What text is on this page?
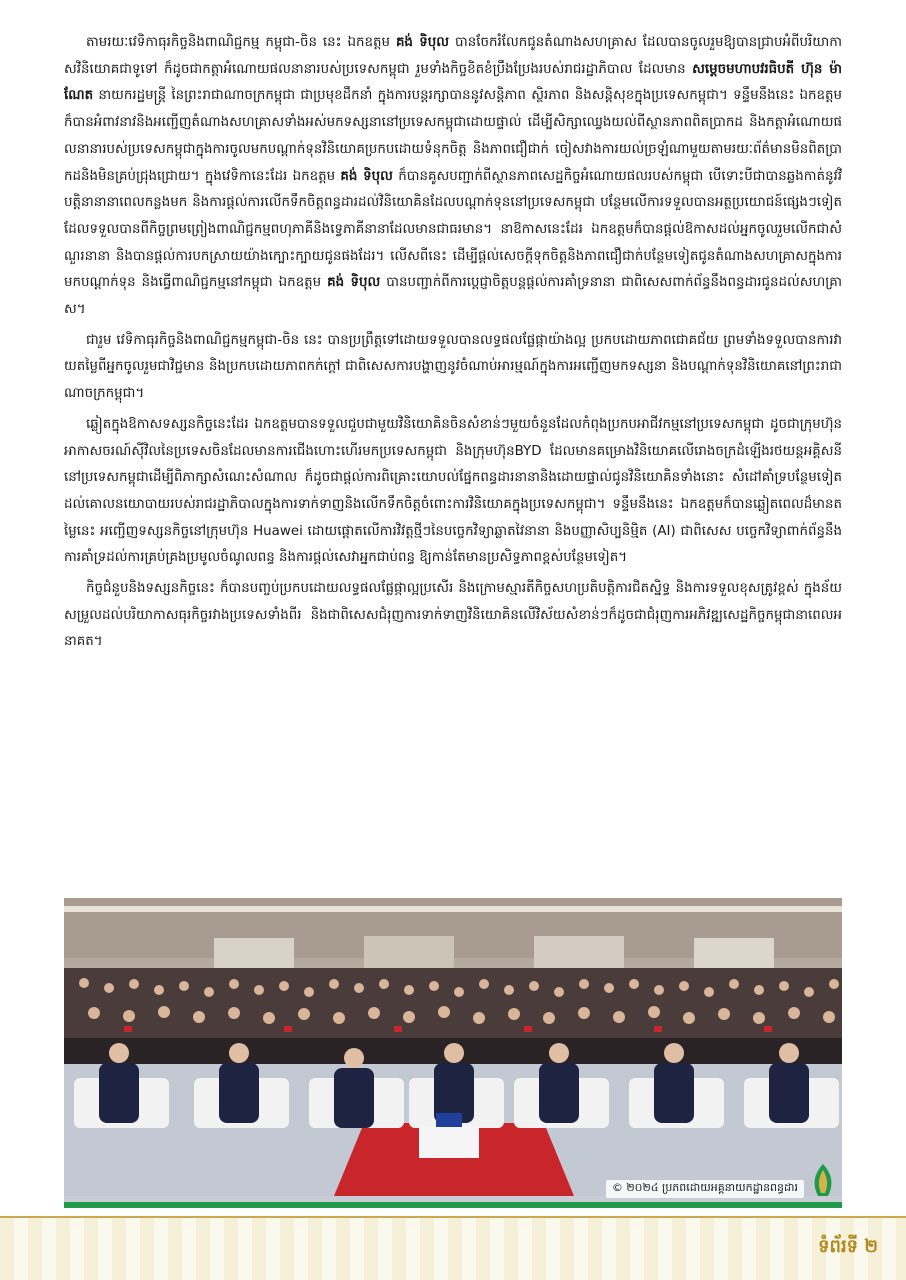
តាមរយៈវេទិកាធុរកិច្ចនិងពាណិជ្ជកម្ម កម្ពុជា-ចិន នេះ ឯកឧត្តម គង់ ទិបុល បានចែករំលែកជូនតំណាងសហគ្រាស ដែលបានចូលរួមឱ្យបានជ្រាបអំពីបរិយាកាសវិនិយោគជាទូទៅ ក៏ដូចជាកត្តាអំណោយផលនានារបស់ប្រទេសកម្ពុជា រួមទាំងកិច្ចខិតខំប្រឹងប្រែងរបស់រាជរដ្ឋាភិបាល ដែលមាន សម្តេចមហាបវរធិបតី ហ៊ុន ម៉ាណែត នាយករដ្ឋមន្ត្រី នៃព្រះរាជាណាចក្រកម្ពុជា ជាប្រមុខដឹកនាំ ក្នុងការបន្តរក្សាបាននូវសន្តិភាព ស្ថិរភាព និងសន្តិសុខក្នុងប្រទេសកម្ពុជា។ ទន្ទឹមនឹងនេះ ឯកឧត្តមក៏បានអំពាវនាវនិងអញ្ជើញតំណាងសហគ្រាសទាំងអស់មកទស្សនានៅប្រទេសកម្ពុជាដោយផ្ទាល់ ដើម្បីសិក្សាឈ្វេងយល់ពីស្ថានភាពពិតប្រាកដ និងកត្តាអំណោយផលនានារបស់ប្រទេសកម្ពុជាក្នុងការចូលមកបណ្តាក់ទុនវិនិយោគប្រកបដោយទំនុកចិត្ត និងភាពជឿជាក់ ចៀសវាងការយល់ច្រឡំណាមួយតាមរយៈព័ត៌មានមិនពិតប្រាកដនិងមិនគ្រប់ជ្រុងជ្រោយ។ ក្នុងវេទិកានេះដែរ ឯកឧត្តម គង់ ទិបុល ក៏បានគូសបញ្ជាក់ពីស្ថានភាពសេដ្ឋកិច្ចអំណោយផលរបស់កម្ពុជា បើទោះបីជាបានឆ្លងកាត់នូវវិបត្តិនានានាពេលកន្លងមក និងការផ្តល់ការលើកទឹកចិត្តពន្ធដារដល់វិនិយោគិនដែលបណ្តាក់ទុននៅប្រទេសកម្ពុជា បន្ថែមលើការទទួលបានអត្ថប្រយោជន៍ផ្សេងៗទៀតដែលទទួលបានពីកិច្ចព្រមព្រៀងពាណិជ្ជកម្មពហុភាគីនិងទ្វេភាគីនានាដែលមានជាធរមាន។ នាឱកាសនេះដែរ ឯកឧត្តមក៏បានផ្តល់ឱកាសដល់អ្នកចូលរួមលើកជាសំណួរនានា និងបានផ្តល់ការបកស្រាយយ៉ាងក្បោះក្បាយជូនផងដែរ។ លើសពីនេះ ដើម្បីផ្តល់សេចក្តីទុកចិត្តនិងភាពជឿជាក់បន្ថែមទៀតជូនតំណាងសហគ្រាសក្នុងការមកបណ្តាក់ទុន និងធ្វើពាណិជ្ជកម្មនៅកម្ពុជា ឯកឧត្តម គង់ ទិបុល បានបញ្ជាក់ពីការប្តេជ្ញាចិត្តបន្តផ្តល់ការគាំទ្រនានា ជាពិសេសពាក់ព័ន្ធនឹងពន្ធដារជូនដល់សហគ្រាស។

ជារួម វេទិកាធុរកិច្ចនិងពាណិជ្ជកម្មកម្ពុជា-ចិន នេះ បានប្រព្រឹត្តទៅដោយទទួលបានលទ្ធផលផ្លែផ្កាយ៉ាងល្អ ប្រកបដោយភាពជោគជ័យ ព្រមទាំងទទួលបានការវាយតម្លៃពីអ្នកចូលរួមជាវិជ្ជមាន និងប្រកបដោយភាពកក់ក្តៅ ជាពិសេសការបង្ហាញនូវចំណាប់អារម្មណ៍ក្នុងការអញ្ជើញមកទស្សនា និងបណ្តាក់ទុនវិនិយោគនៅព្រះរាជាណាចក្រកម្ពុជា។

ឆ្លៀតក្នុងឱកាសទស្សនកិច្ចនេះដែរ ឯកឧត្តមបានទទួលជួបជាមួយវិនិយោគិនចិនសំខាន់ៗមួយចំនួនដែលកំពុងប្រកបអាជីវកម្មនៅប្រទេសកម្ពុជា ដូចជាក្រុមហ៊ុនអាកាសចរណ៍ស៊ីវិលនៃប្រទេសចិនដែលមានការជើងហោះហើរមកប្រទេសកម្ពុជា និងក្រុមហ៊ុនBYD ដែលមានគម្រោងវិនិយោគលើរោងចក្រដំឡើងរថយន្តអគ្គិសនីនៅប្រទេសកម្ពុជាដើម្បីពិភាក្សាសំណេះសំណាល ក៏ដូចជាផ្តល់ការពិគ្រោះយោបល់ផ្នែកពន្ធដារនានានិងដោយផ្ទាល់ជូនវិនិយោគិនទាំងនោះ សំដៅគាំទ្របន្ថែមទៀតដល់គោលនយោបាយរបស់រាជរដ្ឋាភិបាលក្នុងការទាក់ទាញនិងលើកទឹកចិត្តចំពោះការវិនិយោគក្នុងប្រទេសកម្ពុជា។ ទន្ទឹមនឹងនេះ ឯកឧត្តមក៏បានឆ្លៀតពេលដ៏មានតម្លៃនេះ អញ្ជើញទស្សនកិច្ចនៅក្រុមហ៊ុន Huawei ដោយផ្តោតលើការវិវត្តថ្មីៗនៃបច្ចេកវិទ្យាឆ្លាតវៃនានា និងបញ្ញាសិប្បនិម្មិត (AI) ជាពិសេស បច្ចេកវិទ្យាពាក់ព័ន្ធនឹងការគាំទ្រដល់ការគ្រប់គ្រងប្រមូលចំណូលពន្ធ និងការផ្តល់សេវាអ្នកជាប់ពន្ធ ឱ្យកាន់តែមានប្រសិទ្ធភាពខ្ពស់បន្ថែមទៀត។

កិច្ចជំនួបនិងទស្សនកិច្ចនេះ ក៏បានបញ្ចប់ប្រកបដោយលទ្ធផលផ្លែផ្កាល្អប្រសើរ និងក្រោមស្មារតីកិច្ចសហប្រតិបត្តិការជិតស្និទ្ធ និងការទទួលខុសត្រូវខ្ពស់ ក្នុងន័យសម្រួលដល់បរិយាកាសធុរកិច្ចរវាងប្រទេសទាំងពីរ និងជាពិសេសជំរុញការទាក់ទាញវិនិយោគិនលើវិស័យសំខាន់ៗក៏ដូចជាជំរុញការអភិវឌ្ឍសេដ្ឋកិច្ចកម្ពុជានាពេលអនាគត។

© ២០២៤ ប្រភពដោយអគ្គនាយកដ្ឋានពន្ធដារ
ទំព័រទី ២
